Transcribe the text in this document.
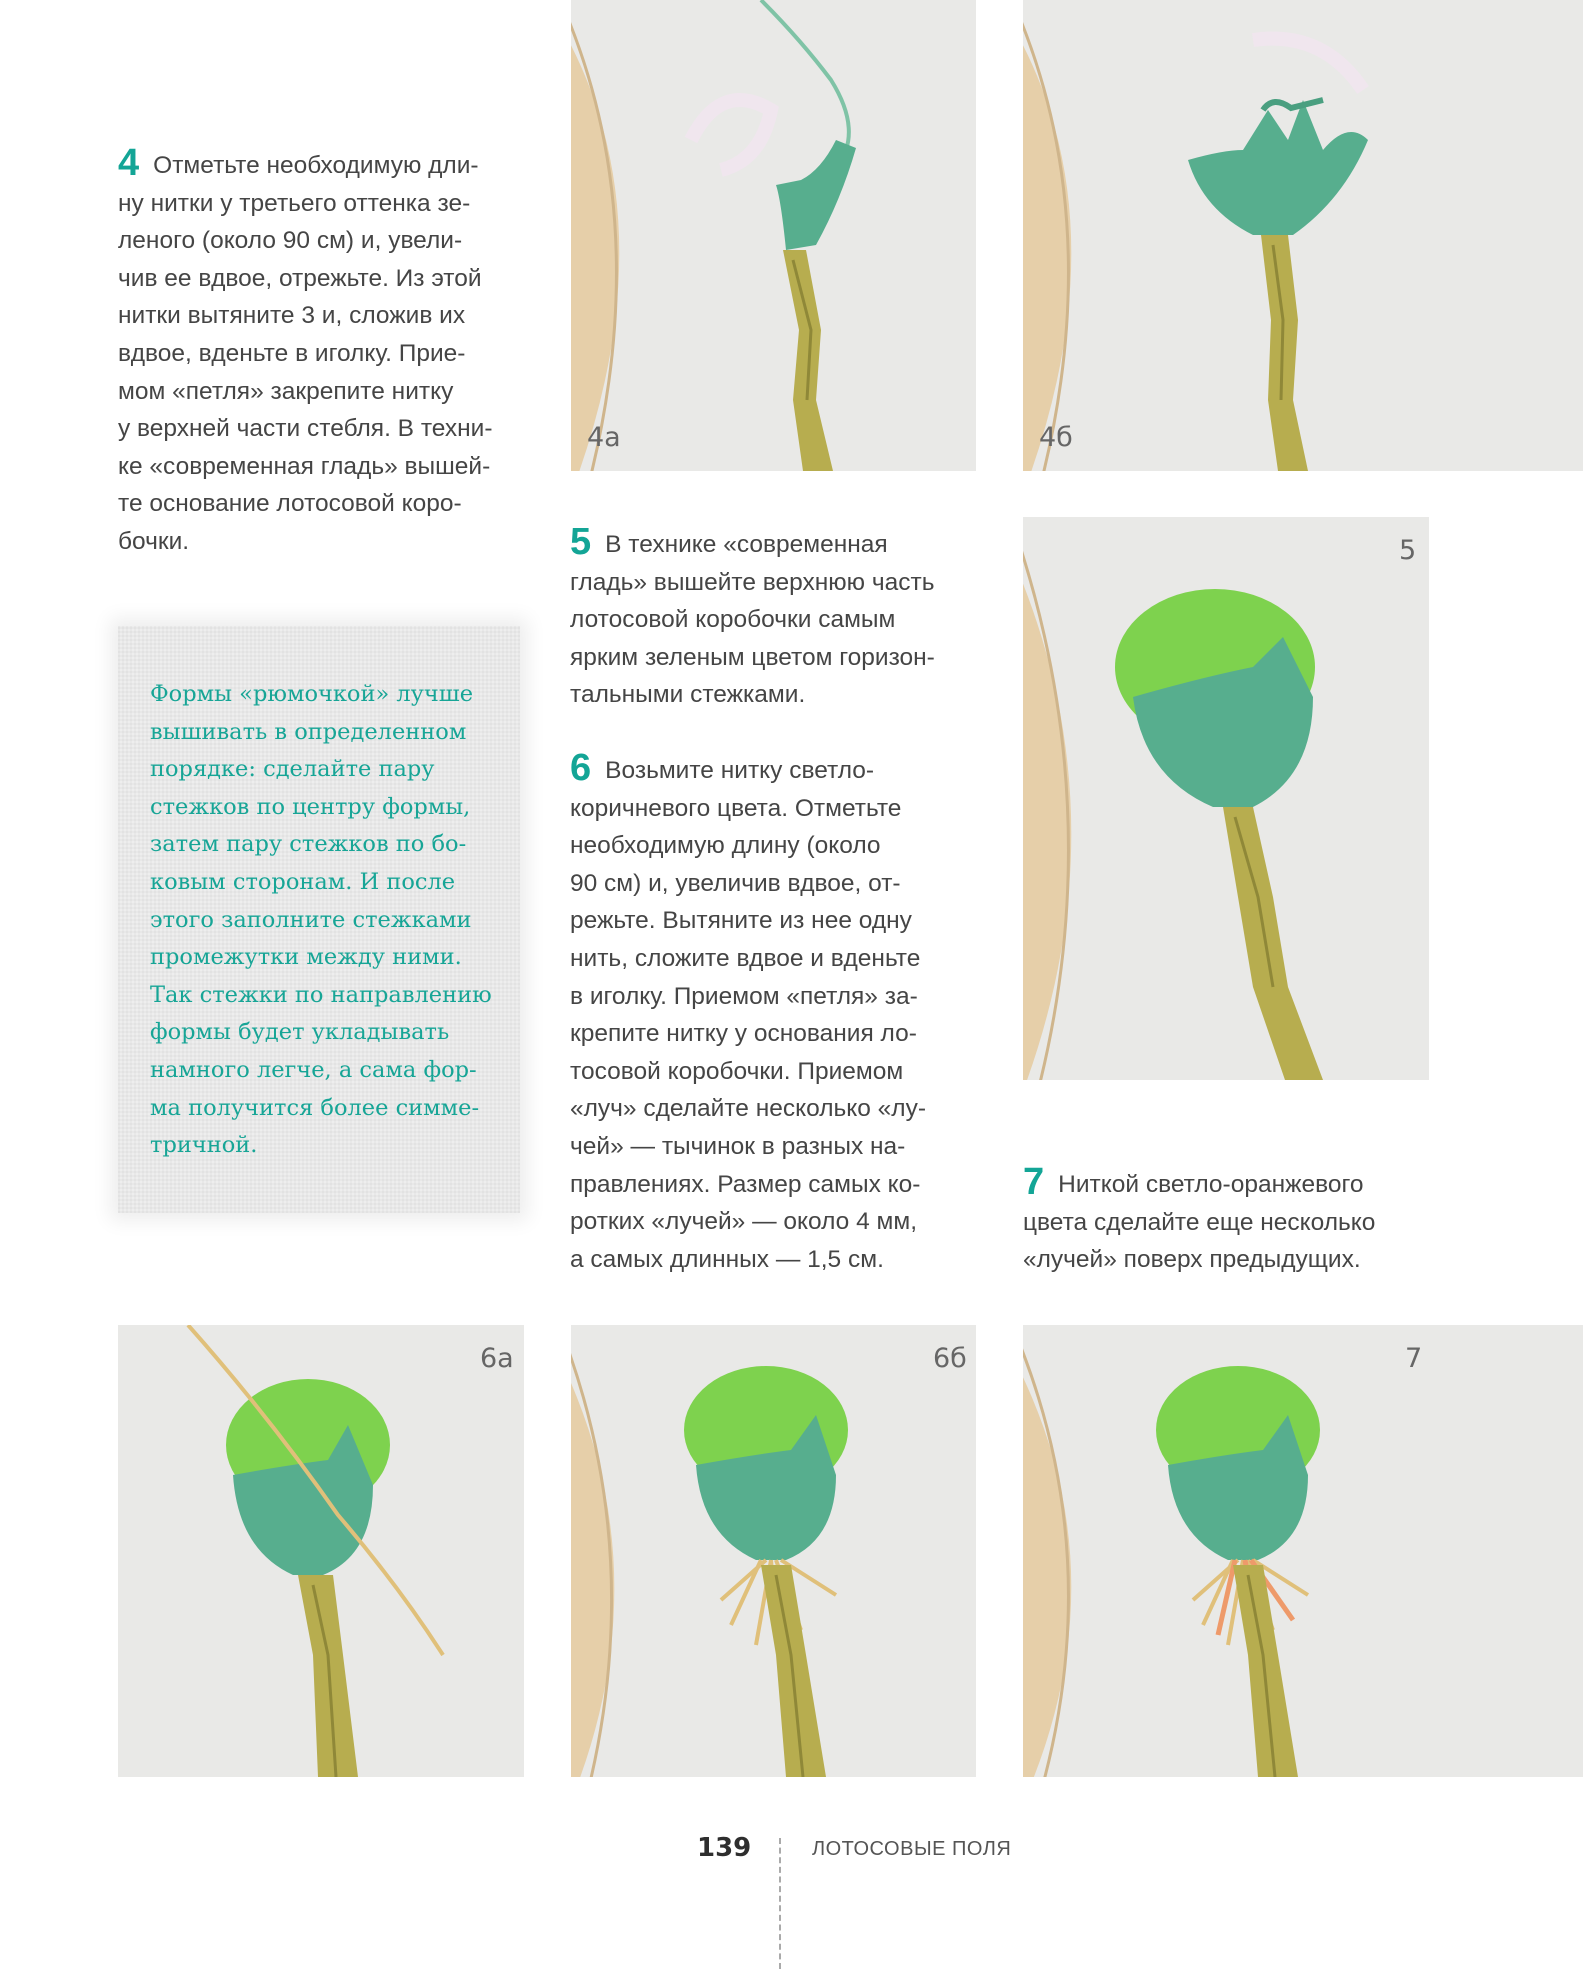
4 Отметьте необходимую дли-
ну нитки у третьего оттенка зе-
леного (около 90 см) и, увели-
чив ее вдвое, отрежьте. Из этой
нитки вытяните 3 и, сложив их
вдвое, вденьте в иголку. Прие-
мом «петля» закрепите нитку
у верхней части стебля. В техни-
ке «современная гладь» вышей-
те основание лотосовой коро-
бочки.
Формы «рюмочкой» лучше
вышивать в определенном
порядке: сделайте пару
стежков по центру формы,
затем пару стежков по бо-
ковым сторонам. И после
этого заполните стежками
промежутки между ними.
Так стежки по направлению
формы будет укладывать
намного легче, а сама фор-
ма получится более симме-
тричной.
5 В технике «современная
гладь» вышейте верхнюю часть
лотосовой коробочки самым
ярким зеленым цветом горизон-
тальными стежками.
6 Возьмите нитку светло-
коричневого цвета. Отметьте
необходимую длину (около
90 см) и, увеличив вдвое, от-
режьте. Вытяните из нее одну
нить, сложите вдвое и вденьте
в иголку. Приемом «петля» за-
крепите нитку у основания ло-
тосовой коробочки. Приемом
«луч» сделайте несколько «лу-
чей» — тычинок в разных на-
правлениях. Размер самых ко-
ротких «лучей» — около 4 мм,
а самых длинных — 1,5 см.
7 Ниткой светло-оранжевого
цвета сделайте еще несколько
«лучей» поверх предыдущих.
4а	4б
5
6а	6б	7
139	ЛОТОСОВЫЕ ПОЛЯ
